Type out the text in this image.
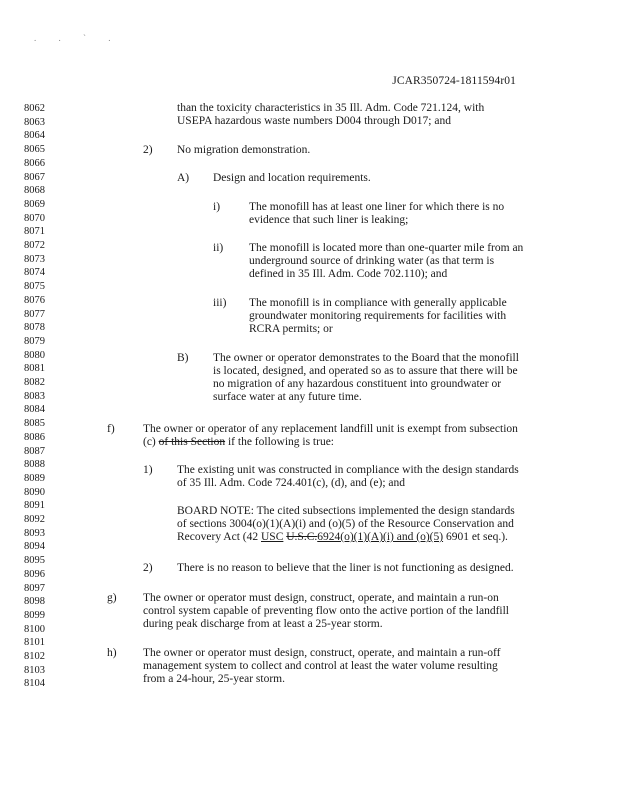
. . ` .
JCAR350724-1811594r01
8062
8063
8064
8065
8066
8067
8068
8069
8070
8071
8072
8073
8074
8075
8076
8077
8078
8079
8080
8081
8082
8083
8084
8085
8086
8087
8088
8089
8090
8091
8092
8093
8094
8095
8096
8097
8098
8099
8100
8101
8102
8103
8104
than the toxicity characteristics in 35 Ill. Adm. Code 721.124, with
USEPA hazardous waste numbers D004 through D017; and
2) No migration demonstration.
A) Design and location requirements.
i)	The monofill has at least one liner for which there is no
evidence that such liner is leaking;
ii) The monofill is located more than one-quarter mile from an
underground source of drinking water (as that term is
defined in 35 Ill. Adm. Code 702.110); and
iii) The monofill is in compliance with generally applicable
groundwater monitoring requirements for facilities with
RCRA permits; or
B) The owner or operator demonstrates to the Board that the monofill
is located, designed, and operated so as to assure that there will be
no migration of any hazardous constituent into groundwater or
surface water at any future time.
f) The owner or operator of any replacement landfill unit is exempt from subsection
(c) of this Section if the following is true:
1) The existing unit was constructed in compliance with the design standards
of 35 Ill. Adm. Code 724.401(c), (d), and (e); and
BOARD NOTE: The cited subsections implemented the design standards
of sections 3004(o)(1)(A)(i) and (o)(5) of the Resource Conservation and
Recovery Act (42 USC U.S.C.6924(o)(1)(A)(i) and (o)(5) 6901 et seq.).
2) There is no reason to believe that the liner is not functioning as designed.
g) The owner or operator must design, construct, operate, and maintain a run-on
control system capable of preventing flow onto the active portion of the landfill
during peak discharge from at least a 25-year storm.
h) The owner or operator must design, construct, operate, and maintain a run-off
management system to collect and control at least the water volume resulting
from a 24-hour, 25-year storm.
